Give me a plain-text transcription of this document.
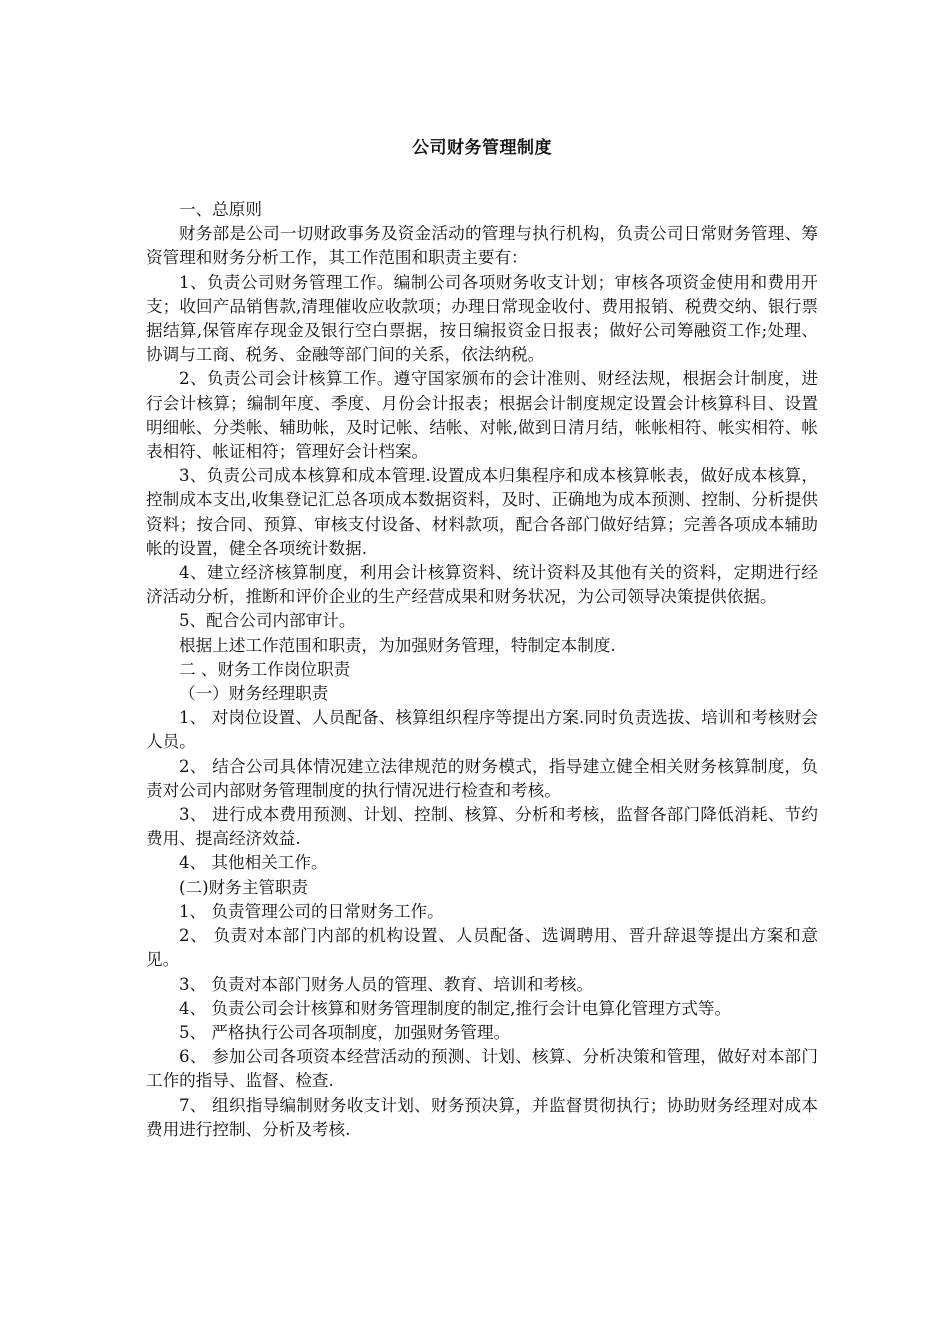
公司财务管理制度

一、总原则

财务部是公司一切财政事务及资金活动的管理与执行机构，负责公司日常财务管理、筹资管理和财务分析工作，其工作范围和职责主要有：

1、负责公司财务管理工作。编制公司各项财务收支计划；审核各项资金使用和费用开支；收回产品销售款,清理催收应收款项；办理日常现金收付、费用报销、税费交纳、银行票据结算,保管库存现金及银行空白票据，按日编报资金日报表；做好公司筹融资工作;处理、协调与工商、税务、金融等部门间的关系，依法纳税。

2、负责公司会计核算工作。遵守国家颁布的会计准则、财经法规，根据会计制度，进行会计核算；编制年度、季度、月份会计报表；根据会计制度规定设置会计核算科目、设置明细帐、分类帐、辅助帐，及时记帐、结帐、对帐,做到日清月结，帐帐相符、帐实相符、帐表相符、帐证相符；管理好会计档案。

3、负责公司成本核算和成本管理.设置成本归集程序和成本核算帐表，做好成本核算，控制成本支出,收集登记汇总各项成本数据资料，及时、正确地为成本预测、控制、分析提供资料；按合同、预算、审核支付设备、材料款项，配合各部门做好结算；完善各项成本辅助帐的设置，健全各项统计数据.

4、建立经济核算制度，利用会计核算资料、统计资料及其他有关的资料，定期进行经济活动分析，推断和评价企业的生产经营成果和财务状况，为公司领导决策提供依据。

5、配合公司内部审计。

根据上述工作范围和职责，为加强财务管理，特制定本制度.

二 、财务工作岗位职责

（一）财务经理职责

1、 对岗位设置、人员配备、核算组织程序等提出方案.同时负责选拔、培训和考核财会人员。

2、 结合公司具体情况建立法律规范的财务模式，指导建立健全相关财务核算制度，负责对公司内部财务管理制度的执行情况进行检查和考核。

3、 进行成本费用预测、计划、控制、核算、分析和考核，监督各部门降低消耗、节约费用、提高经济效益.

4、 其他相关工作。

(二)财务主管职责

1、 负责管理公司的日常财务工作。

2、 负责对本部门内部的机构设置、人员配备、选调聘用、晋升辞退等提出方案和意见。

3、 负责对本部门财务人员的管理、教育、培训和考核。

4、 负责公司会计核算和财务管理制度的制定,推行会计电算化管理方式等。

5、 严格执行公司各项制度，加强财务管理。

6、 参加公司各项资本经营活动的预测、计划、核算、分析决策和管理，做好对本部门工作的指导、监督、检查.

7、 组织指导编制财务收支计划、财务预决算，并监督贯彻执行；协助财务经理对成本费用进行控制、分析及考核.
